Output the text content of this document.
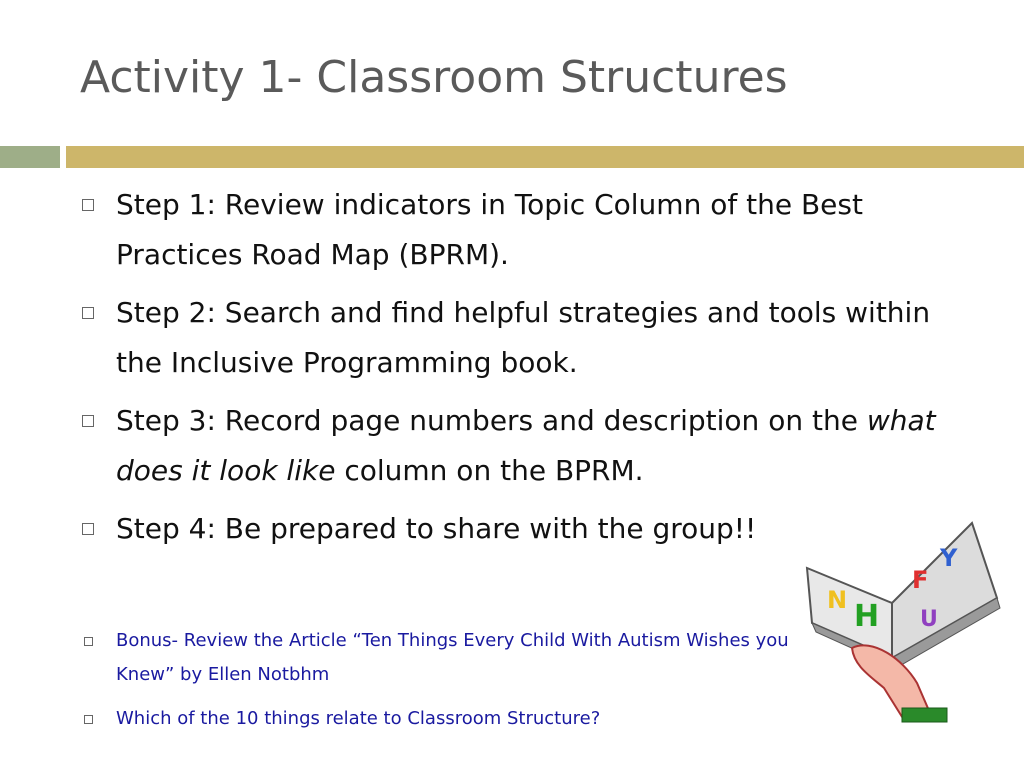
Activity 1- Classroom Structures
Step 1: Review indicators in Topic Column of the Best Practices Road Map (BPRM).
Step 2: Search and find helpful strategies and tools within the Inclusive Programming book.
Step 3: Record page numbers and description on the what does it look like column on the BPRM.
Step 4: Be prepared to share with the group!!
Bonus- Review the Article “Ten Things Every Child With Autism Wishes you Knew” by Ellen Notbhm
Which of the 10 things relate to Classroom Structure?
N H
F
Y
U
